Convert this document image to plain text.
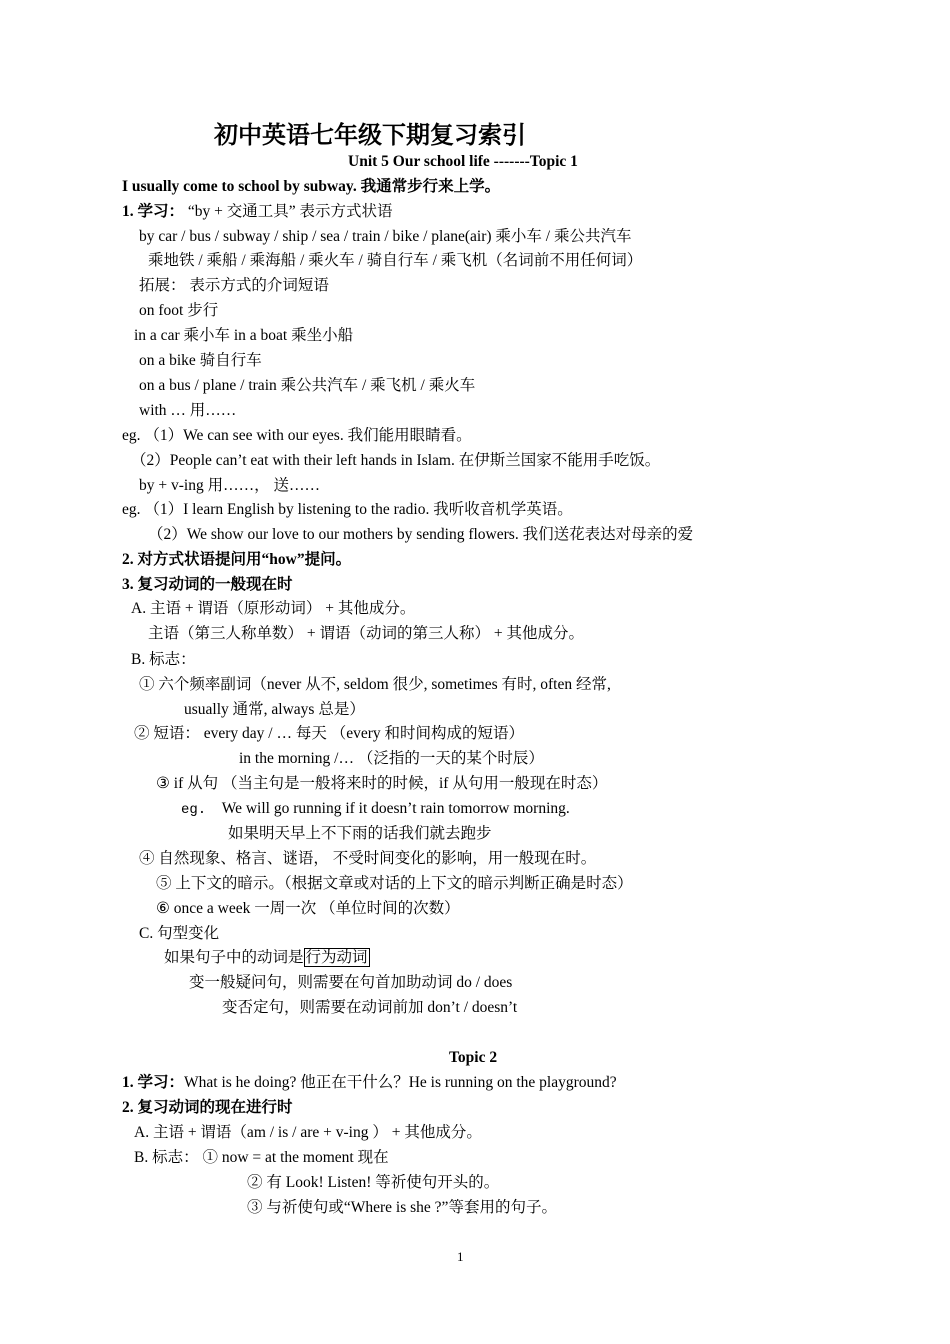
初中英语七年级下期复习索引
Unit 5 Our school life -------Topic 1
I usually come to school by subway. 我通常步行来上学。
1. 学习： “by + 交通工具” 表示方式状语
by car / bus / subway / ship / sea / train / bike / plane(air) 乘小车 / 乘公共汽车
乘地铁 / 乘船 / 乘海船 / 乘火车 / 骑自行车 / 乘飞机（名词前不用任何词）
拓展： 表示方式的介词短语
on foot 步行
in a car 乘小车 in a boat 乘坐小船
on a bike 骑自行车
on a bus / plane / train 乘公共汽车 / 乘飞机 / 乘火车
with … 用……
eg. （1）We can see with our eyes. 我们能用眼睛看。
（2）People can’t eat with their left hands in Islam. 在伊斯兰国家不能用手吃饭。
by + v-ing 用……， 送……
eg. （1）I learn English by listening to the radio. 我听收音机学英语。
（2）We show our love to our mothers by sending flowers. 我们送花表达对母亲的爱
2. 对方式状语提问用“how”提问。
3. 复习动词的一般现在时
A. 主语 + 谓语（原形动词） + 其他成分。
主语（第三人称单数） + 谓语（动词的第三人称） + 其他成分。
B. 标志：
① 六个频率副词（never 从不, seldom 很少, sometimes 有时, often 经常,
usually 通常, always 总是）
② 短语： every day / … 每天 （every 和时间构成的短语）
in the morning /… （泛指的一天的某个时辰）
③ if 从句 （当主句是一般将来时的时候，if 从句用一般现在时态）
eg. We will go running if it doesn’t rain tomorrow morning.
如果明天早上不下雨的话我们就去跑步
④ 自然现象、格言、谜语， 不受时间变化的影响，用一般现在时。
⑤ 上下文的暗示。（根据文章或对话的上下文的暗示判断正确是时态）
⑥ once a week 一周一次 （单位时间的次数）
C. 句型变化
如果句子中的动词是 行为动词
变一般疑问句，则需要在句首加助动词 do / does
变否定句，则需要在动词前加 don’t / doesn’t
Topic 2
1. 学习：What is he doing? 他正在干什么？He is running on the playground?
2. 复习动词的现在进行时
A. 主语 + 谓语（am / is / are + v-ing ） + 其他成分。
B. 标志： ① now = at the moment 现在
② 有 Look! Listen! 等祈使句开头的。
③ 与祈使句或“Where is she ?”等套用的句子。
1
